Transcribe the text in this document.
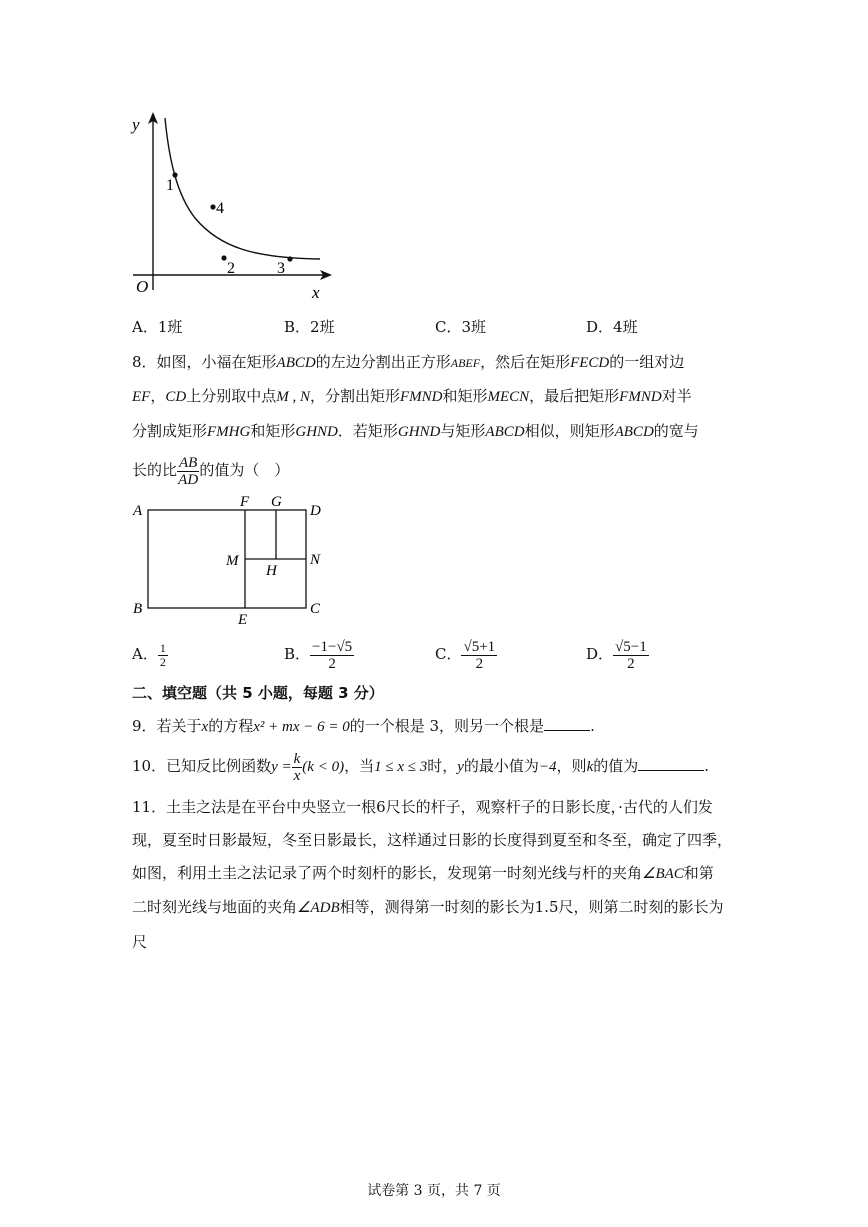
y
x
O
1
4
2	3
A．1班	B．2班	C．3班	D．4班
8．如图，小福在矩形ABCD的左边分割出正方形ABEF，然后在矩形FECD的一组对边
EF，CD上分别取中点M , N，分割出矩形FMND和矩形MECN，最后把矩形FMND对半
分割成矩形FMHG和矩形GHND．若矩形GHND与矩形ABCD相似，则矩形ABCD的宽与
长的比 $\frac{AB}{AD}$ 的值为（　）
A
F G
D
M
H
N
B
E
C
A． $\frac{1}{2}$	B． $\frac{-1-√5}{2}$	C． $\frac{√5+1}{2}$	D． $\frac{√5-1}{2}$
二、填空题（共 5 小题，每题 3 分）
9．若关于x的方程x² + mx − 6 = 0的一个根是 3，则另一个根是	.
10．已知反比例函数$y = \frac{k}{x} (k < 0)$，当1 ≤ x ≤ 3时，y的最小值为−4，则k的值为	.
11．土圭之法是在平台中央竖立一根6尺长的杆子，观察杆子的日影长度，·古代的人们发
现，夏至时日影最短，冬至日影最长，这样通过日影的长度得到夏至和冬至，确定了四季，
如图，利用土圭之法记录了两个时刻杆的影长，发现第一时刻光线与杆的夹角∠BAC和第
二时刻光线与地面的夹角∠ADB相等，测得第一时刻的影长为1.5尺，则第二时刻的影长为
尺
试卷第 3 页，共 7 页
